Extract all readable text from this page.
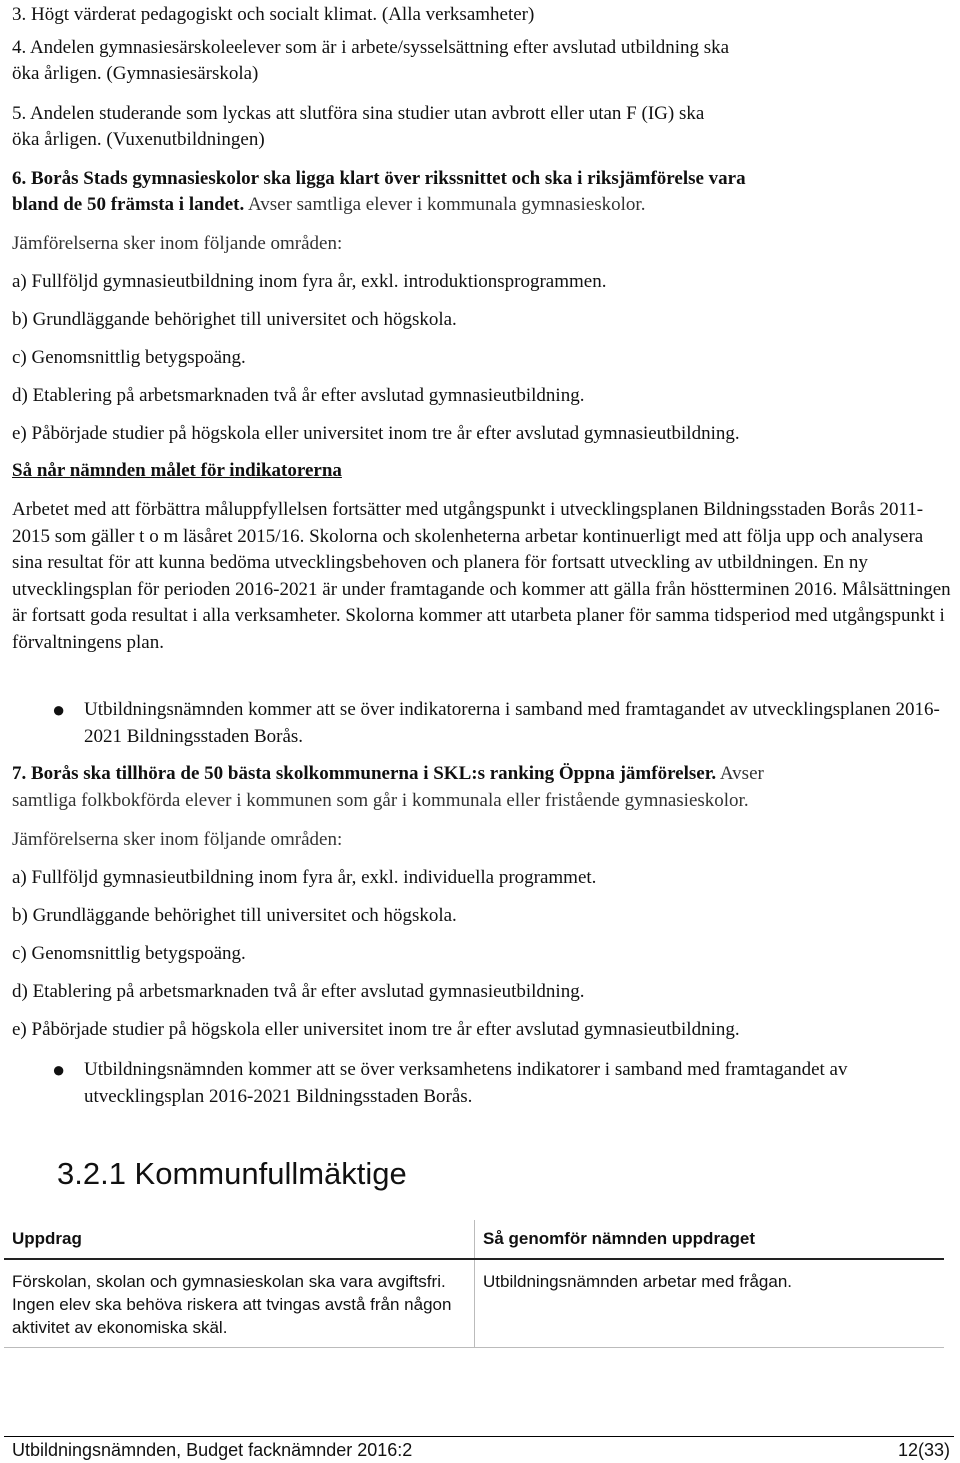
3. Högt värderat pedagogiskt och socialt klimat. (Alla verksamheter)
4. Andelen gymnasiesärskoleelever som är i arbete/sysselsättning efter avslutad utbildning ska
öka årligen. (Gymnasiesärskola)
5. Andelen studerande som lyckas att slutföra sina studier utan avbrott eller utan F (IG) ska
öka årligen. (Vuxenutbildningen)
6. Borås Stads gymnasieskolor ska ligga klart över rikssnittet och ska i riksjämförelse vara
bland de 50 främsta i landet. Avser samtliga elever i kommunala gymnasieskolor.
Jämförelserna sker inom följande områden:
a) Fullföljd gymnasieutbildning inom fyra år, exkl. introduktionsprogrammen.
b) Grundläggande behörighet till universitet och högskola.
c) Genomsnittlig betygspoäng.
d) Etablering på arbetsmarknaden två år efter avslutad gymnasieutbildning.
e) Påbörjade studier på högskola eller universitet inom tre år efter avslutad gymnasieutbildning.
Så når nämnden målet för indikatorerna
Arbetet med att förbättra måluppfyllelsen fortsätter med utgångspunkt i utvecklingsplanen Bildningsstaden Borås 2011-2015 som gäller t o m läsåret 2015/16. Skolorna och skolenheterna arbetar kontinuerligt med att följa upp och analysera sina resultat för att kunna bedöma utvecklingsbehoven och planera för fortsatt utveckling av utbildningen. En ny utvecklingsplan för perioden 2016-2021 är under framtagande och kommer att gälla från höstterminen 2016. Målsättningen är fortsatt goda resultat i alla verksamheter. Skolorna kommer att utarbeta planer för samma tidsperiod med utgångspunkt i förvaltningens plan.
● Utbildningsnämnden kommer att se över indikatorerna i samband med framtagandet av utvecklingsplanen 2016-2021 Bildningsstaden Borås.
7. Borås ska tillhöra de 50 bästa skolkommunerna i SKL:s ranking Öppna jämförelser. Avser
samtliga folkbokförda elever i kommunen som går i kommunala eller fristående gymnasieskolor.
Jämförelserna sker inom följande områden:
a) Fullföljd gymnasieutbildning inom fyra år, exkl. individuella programmet.
b) Grundläggande behörighet till universitet och högskola.
c) Genomsnittlig betygspoäng.
d) Etablering på arbetsmarknaden två år efter avslutad gymnasieutbildning.
e) Påbörjade studier på högskola eller universitet inom tre år efter avslutad gymnasieutbildning.
● Utbildningsnämnden kommer att se över verksamhetens indikatorer i samband med framtagandet av utvecklingsplan 2016-2021 Bildningsstaden Borås.
3.2.1 Kommunfullmäktige
Uppdrag	Så genomför nämnden uppdraget
Förskolan, skolan och gymnasieskolan ska vara avgiftsfri. Ingen elev ska behöva riskera att tvingas avstå från någon aktivitet av ekonomiska skäl.	Utbildningsnämnden arbetar med frågan.
Utbildningsnämnden, Budget facknämnder 2016:2	12(33)
